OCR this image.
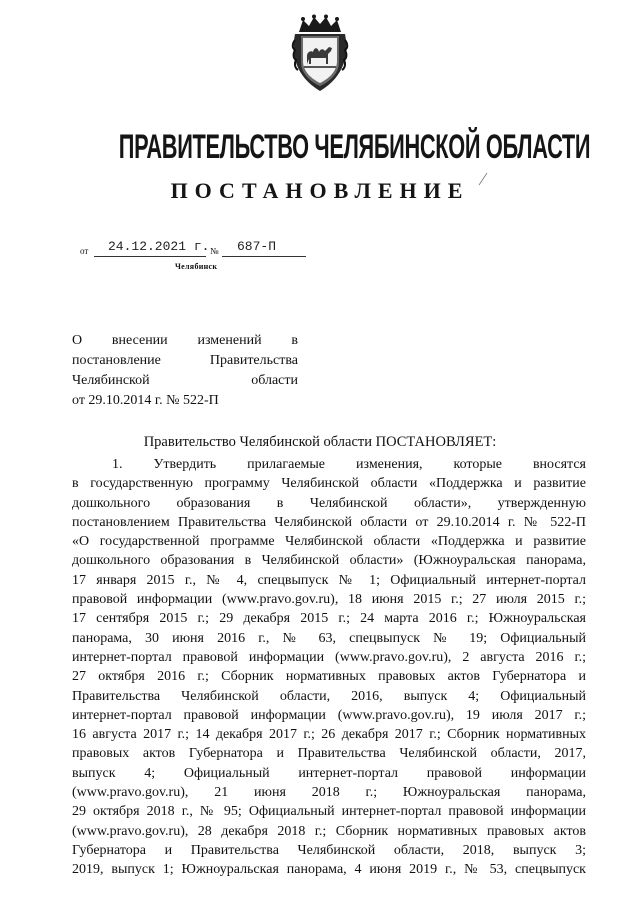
ПРАВИТЕЛЬСТВО ЧЕЛЯБИНСКОЙ ОБЛАСТИ
ПОСТАНОВЛЕНИЕ
от 24.12.2021 г. № 687-П
Челябинск
О внесении изменений в
постановление Правительства
Челябинской области
от 29.10.2014 г. № 522-П
Правительство Челябинской области ПОСТАНОВЛЯЕТ:
1. Утвердить прилагаемые изменения, которые вносятся
в государственную программу Челябинской области «Поддержка и развитие
дошкольного образования в Челябинской области», утвержденную
постановлением Правительства Челябинской области от 29.10.2014 г. № 522-П
«О государственной программе Челябинской области «Поддержка и развитие
дошкольного образования в Челябинской области» (Южноуральская панорама,
17 января 2015 г., № 4, спецвыпуск № 1; Официальный интернет-портал
правовой информации (www.pravo.gov.ru), 18 июня 2015 г.; 27 июля 2015 г.;
17 сентября 2015 г.; 29 декабря 2015 г.; 24 марта 2016 г.; Южноуральская
панорама, 30 июня 2016 г., № 63, спецвыпуск № 19; Официальный
интернет-портал правовой информации (www.pravo.gov.ru), 2 августа 2016 г.;
27 октября 2016 г.; Сборник нормативных правовых актов Губернатора и
Правительства Челябинской области, 2016, выпуск 4; Официальный
интернет-портал правовой информации (www.pravo.gov.ru), 19 июля 2017 г.;
16 августа 2017 г.; 14 декабря 2017 г.; 26 декабря 2017 г.; Сборник нормативных
правовых актов Губернатора и Правительства Челябинской области, 2017,
выпуск 4; Официальный интернет-портал правовой информации
(www.pravo.gov.ru), 21 июня 2018 г.; Южноуральская панорама,
29 октября 2018 г., № 95; Официальный интернет-портал правовой информации
(www.pravo.gov.ru), 28 декабря 2018 г.; Сборник нормативных правовых актов
Губернатора и Правительства Челябинской области, 2018, выпуск 3;
2019, выпуск 1; Южноуральская панорама, 4 июня 2019 г., № 53, спецвыпуск
